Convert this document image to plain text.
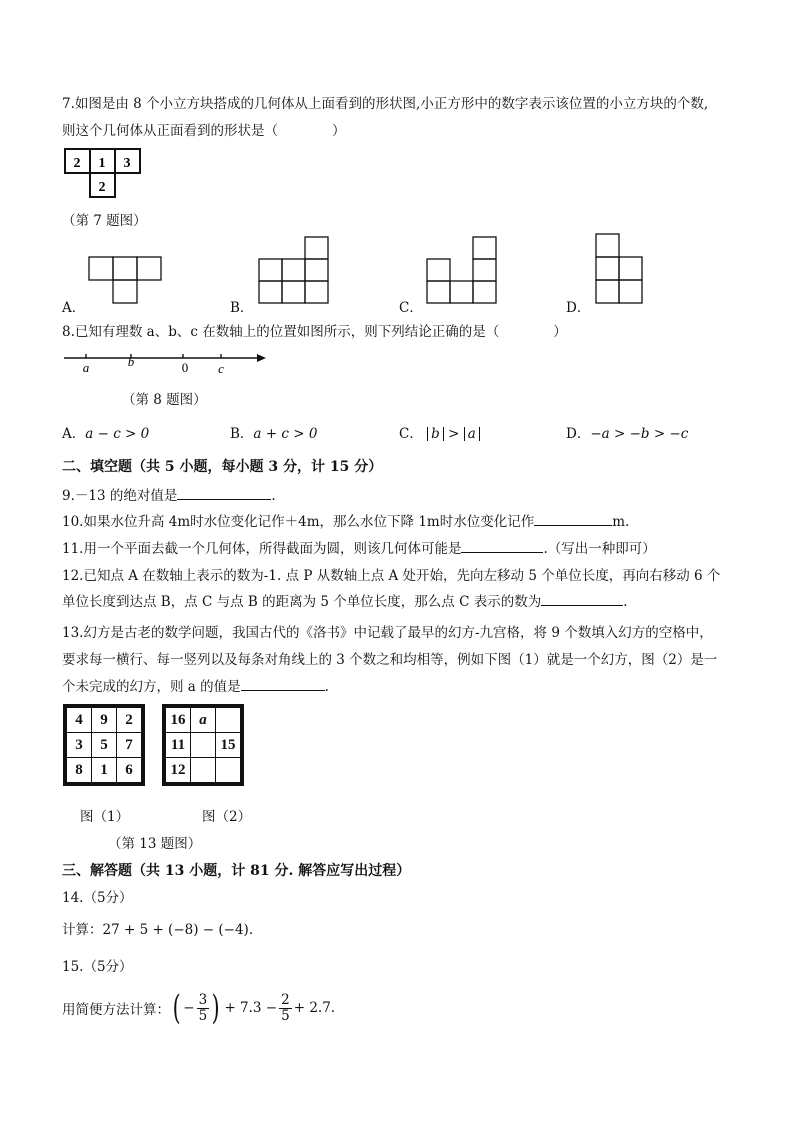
7.如图是由 8 个小立方块搭成的几何体从上面看到的形状图,小正方形中的数字表示该位置的小立方块的个数,
则这个几何体从正面看到的形状是（　　　　）
2 1 3
2
（第 7 题图）
A．	B．	C．	D．
8.已知有理数 a、b、c 在数轴上的位置如图所示，则下列结论正确的是（　　　　）
a	b	0 c
（第 8 题图）
A．a − c > 0	B．a + c > 0	C． b >
a	D．−a > −b > −c
二、填空题（共 5 小题，每小题 3 分，计 15 分）
9.－13 的绝对值是	.
10.如果水位升高 4m时水位变化记作＋4m，那么水位下降 1m时水位变化记作	m.
11.用一个平面去截一个几何体，所得截面为圆，则该几何体可能是	.（写出一种即可）
12.已知点 A 在数轴上表示的数为-1. 点 P 从数轴上点 A 处开始，先向左移动 5 个单位长度，再向右移动 6 个
单位长度到达点 B，点 C 与点 B 的距离为 5 个单位长度，那么点 C 表示的数为	.
13.幻方是古老的数学问题，我国古代的《洛书》中记载了最早的幻方-九宫格，将 9 个数填入幻方的空格中，
要求每一横行、每一竖列以及每条对角线上的 3 个数之和均相等，例如下图（1）就是一个幻方，图（2）是一
个未完成的幻方，则 a 的值是	.
4	9	2
3	5	7
8	1	6
16	a	
11		15
12		
图（1）	图（2）
（第 13 题图）
三、解答题（共 13 小题，计 81 分. 解答应写出过程）
14.（5分）
计算：27 + 5 + (−8) − (−4).
15.（5分）
用简便方法计算： ( − $\frac{3}{5}$ ) + $7.3 - \frac{2}{5} + 2.7$.
